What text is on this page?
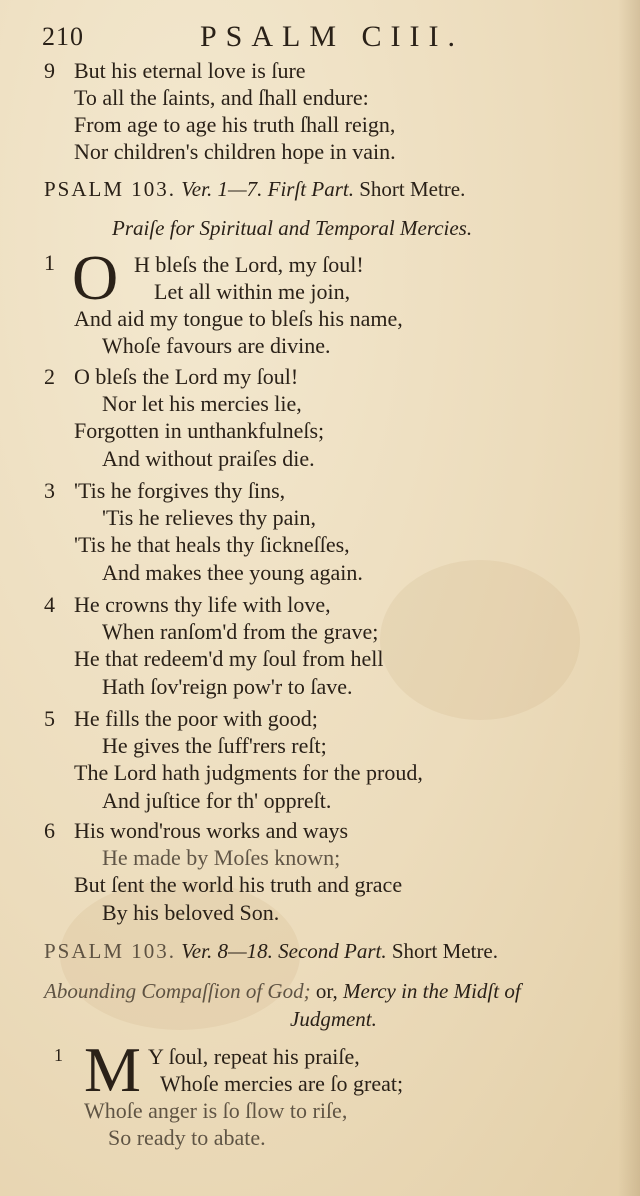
210	PSALM CIII.
9 But his eternal love is ſure
To all the ſaints, and ſhall endure:
From age to age his truth ſhall reign,
Nor children's children hope in vain.
PSALM 103. Ver. 1—7. Firſt Part. Short Metre.
Praiſe for Spiritual and Temporal Mercies.
1 O H bleſs the Lord, my ſoul!
Let all within me join,
And aid my tongue to bleſs his name,
Whoſe favours are divine.
2 O bleſs the Lord my ſoul!
Nor let his mercies lie,
Forgotten in unthankfulneſs;
And without praiſes die.
3 'Tis he forgives thy ſins,
'Tis he relieves thy pain,
'Tis he that heals thy ſickneſſes,
And makes thee young again.
4 He crowns thy life with love,
When ranſom'd from the grave;
He that redeem'd my ſoul from hell
Hath ſov'reign pow'r to ſave.
5 He fills the poor with good;
He gives the ſuff'rers reſt;
The Lord hath judgments for the proud,
And juſtice for th' oppreſt.
6 His wond'rous works and ways
He made by Moſes known;
But ſent the world his truth and grace
By his beloved Son.
PSALM 103. Ver. 8—18. Second Part. Short Metre.
Abounding Compaſſion of God; or, Mercy in the Midſt of
Judgment.
1 M Y ſoul, repeat his praiſe,
Whoſe mercies are ſo great;
Whoſe anger is ſo ſlow to riſe,
So ready to abate.
